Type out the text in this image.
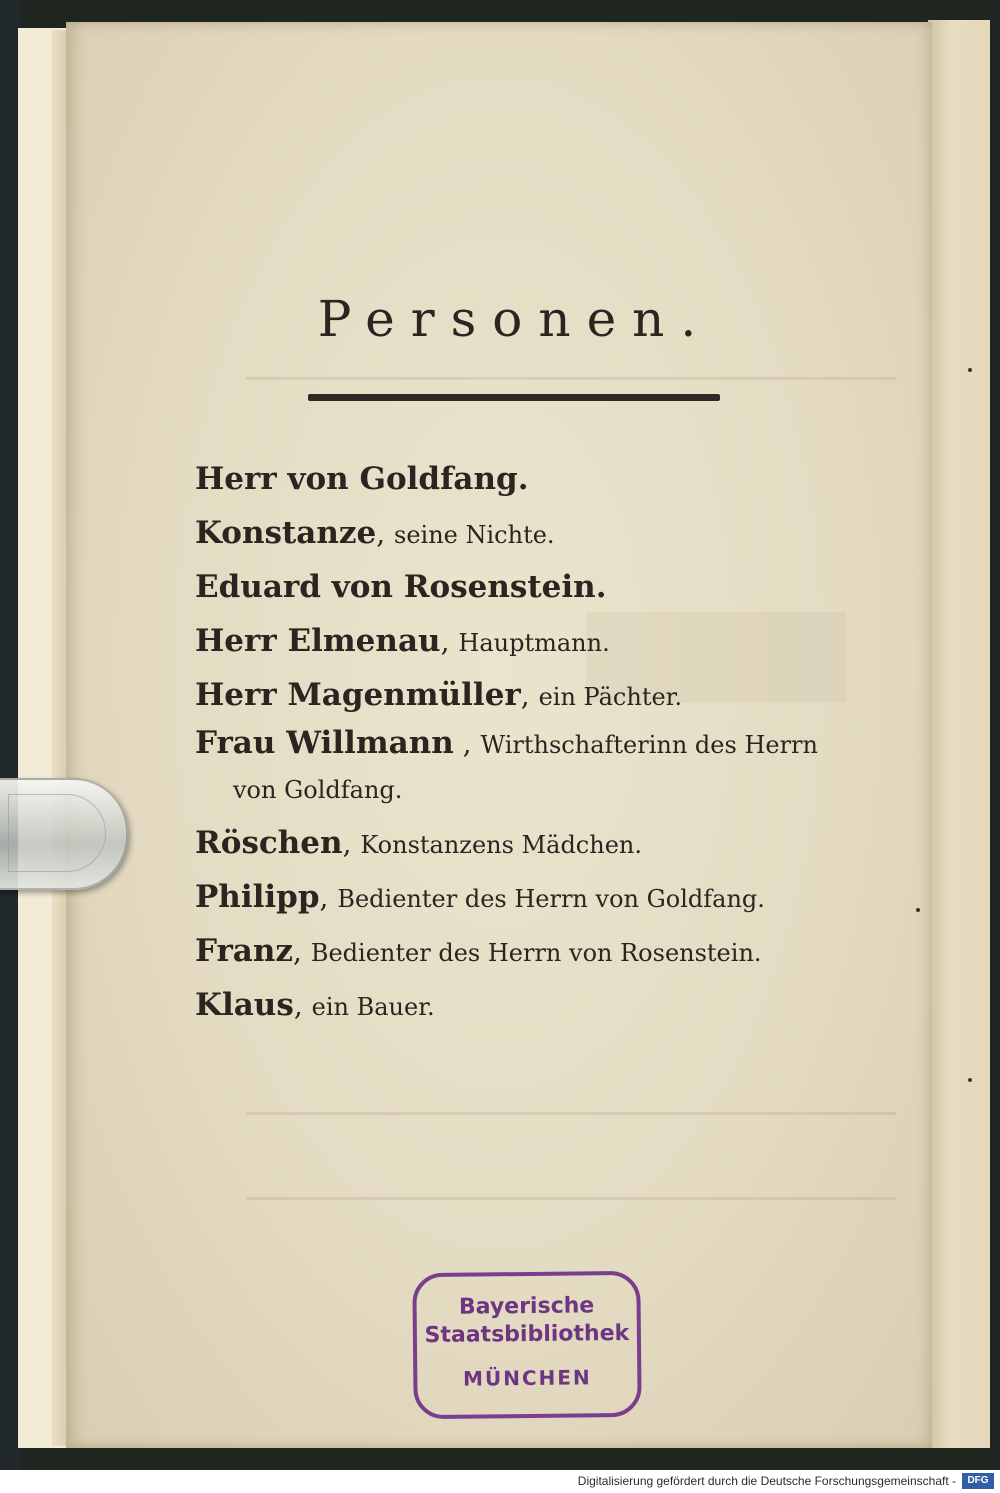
Personen.
Herr von Goldfang.
Konstanze, seine Nichte.
Eduard von Rosenstein.
Herr Elmenau, Hauptmann.
Herr Magenmüller, ein Pächter.
Frau Willmann , Wirthschafterinn des Herrn
von Goldfang.
Röschen, Konstanzens Mädchen.
Philipp, Bedienter des Herrn von Goldfang.
Franz, Bedienter des Herrn von Rosenstein.
Klaus, ein Bauer.
Bayerische
Staatsbibliothek
MÜNCHEN
Digitalisierung gefördert durch die Deutsche Forschungsgemeinschaft -	DFG
